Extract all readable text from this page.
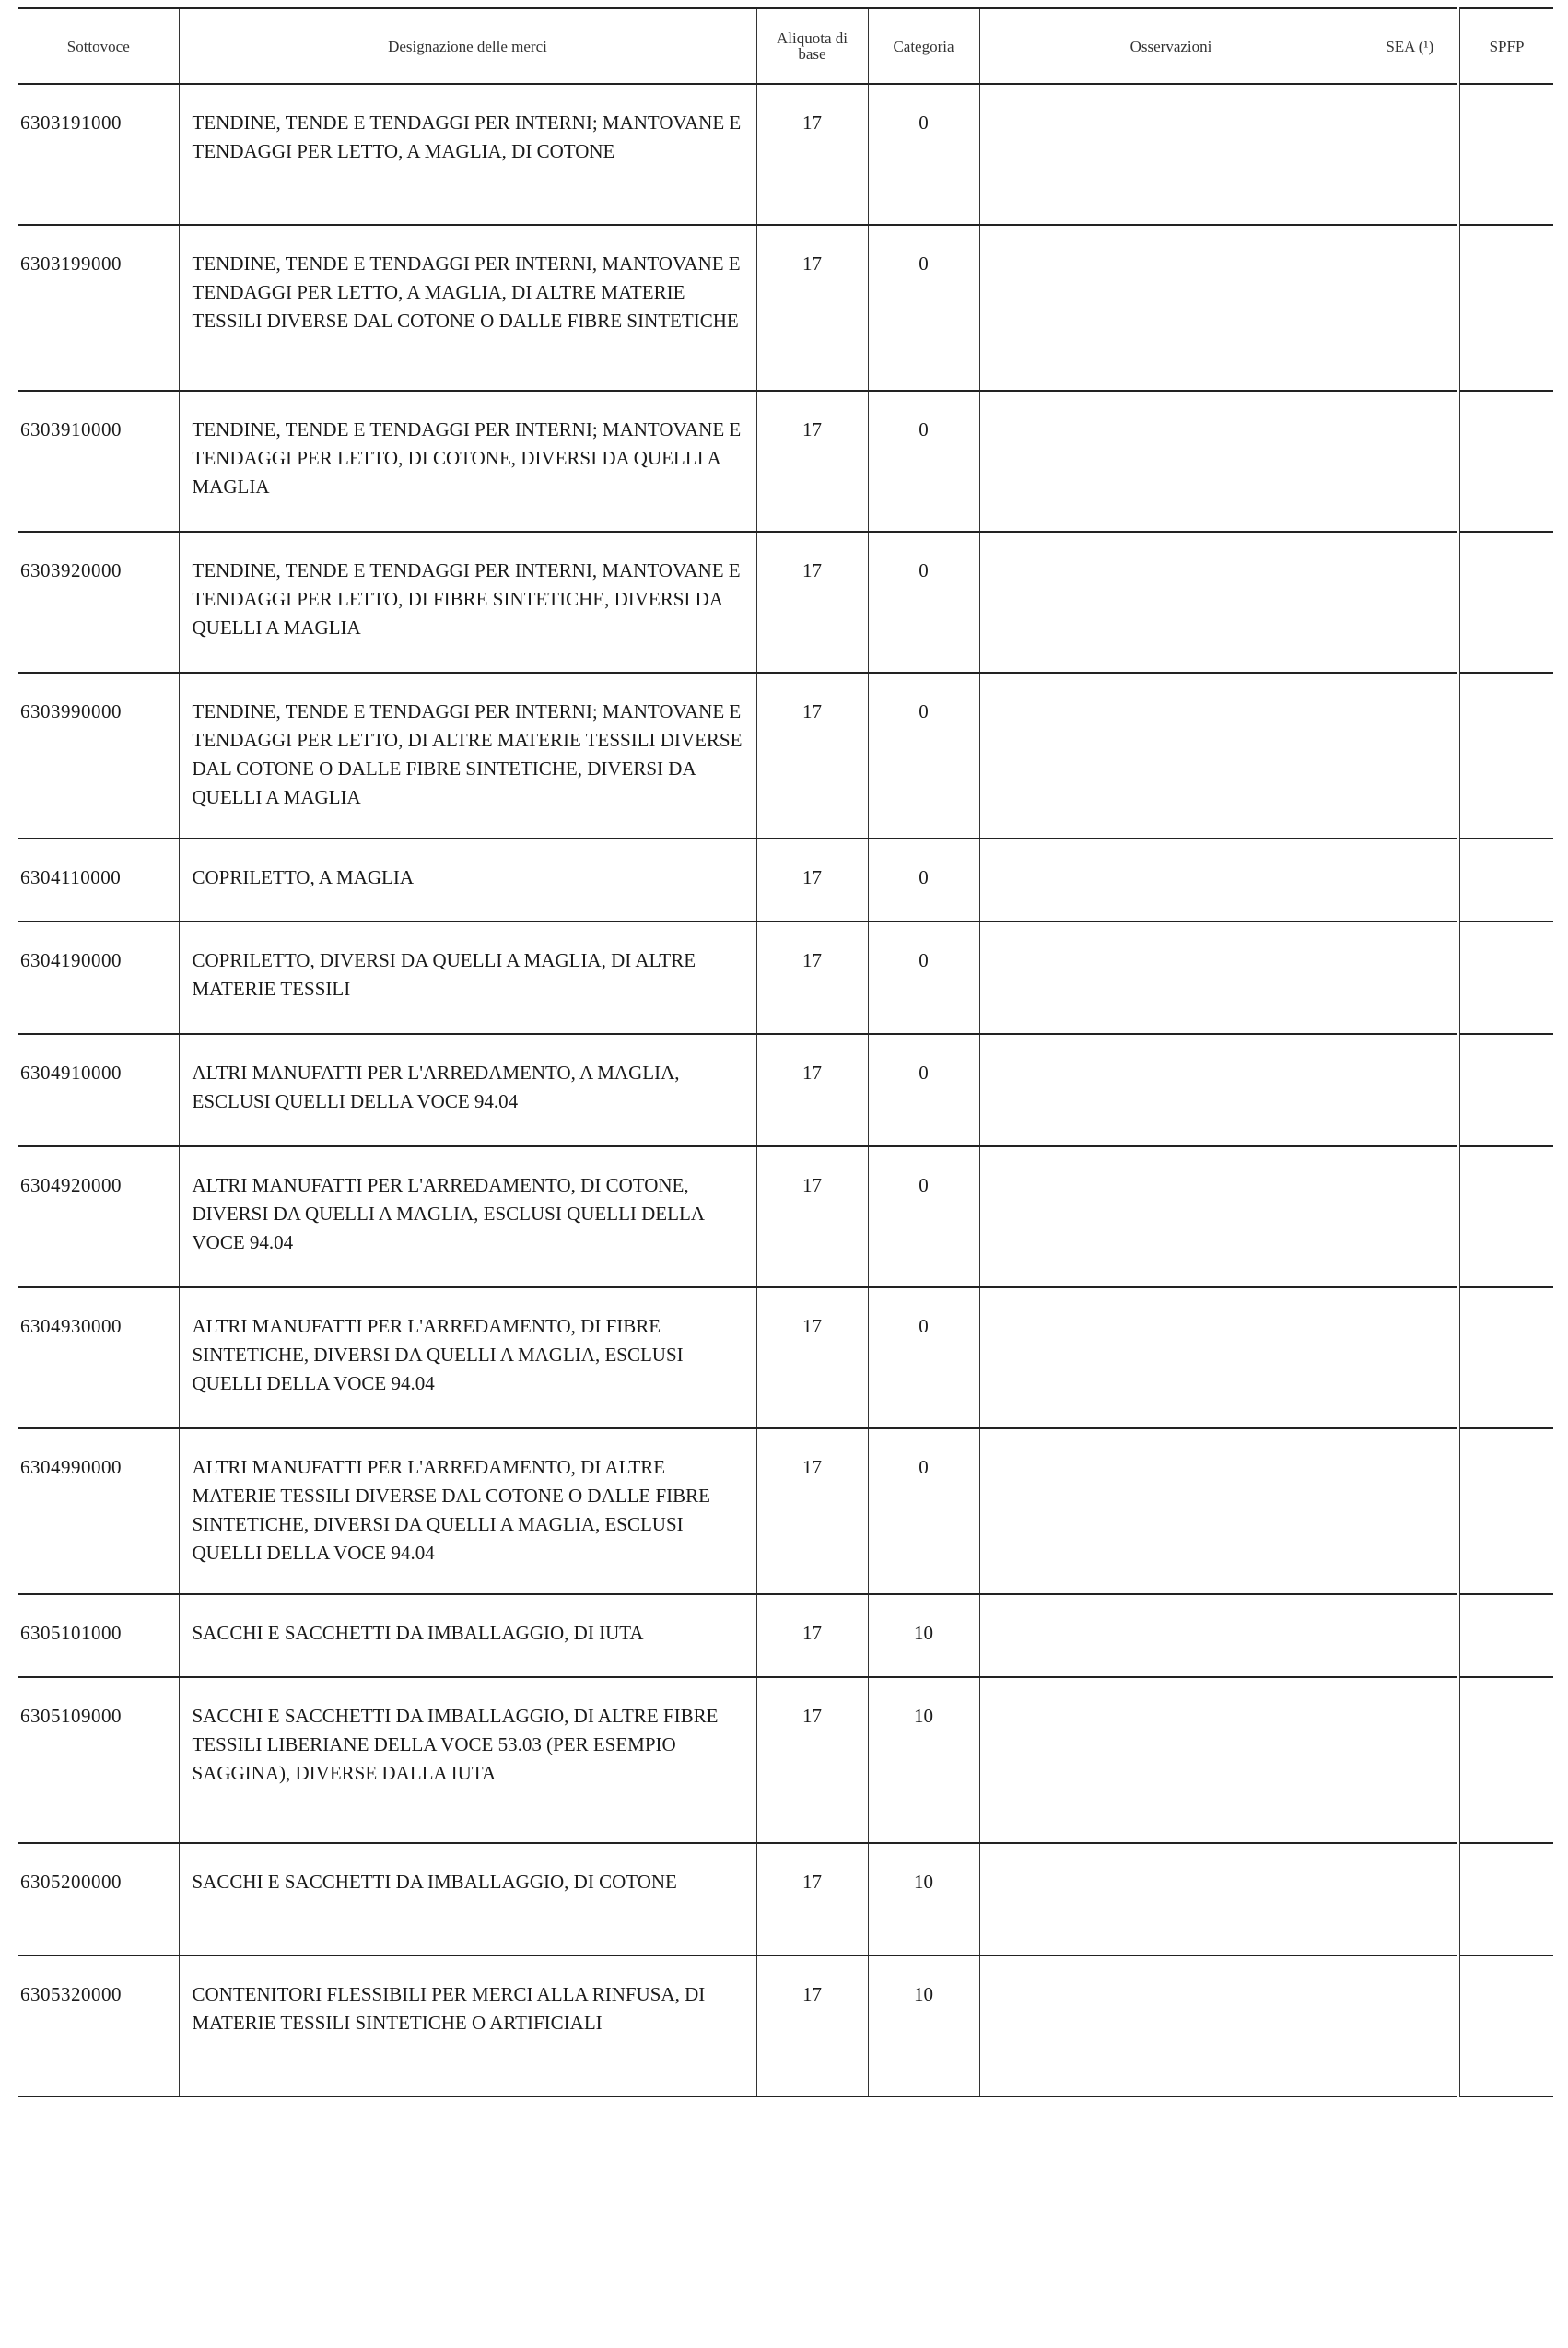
Sottovoce	Designazione delle merci	Aliquota di base	Categoria	Osservazioni	SEA (¹)	SPFP
6303191000	TENDINE, TENDE E TENDAGGI PER INTERNI; MANTOVANE E TENDAGGI PER LETTO, A MAGLIA, DI COTONE	17	0			
6303199000	TENDINE, TENDE E TENDAGGI PER INTERNI, MANTOVANE E TENDAGGI PER LETTO, A MAGLIA, DI ALTRE MATERIE TESSILI DIVERSE DAL COTONE O DALLE FIBRE SINTETICHE	17	0			
6303910000	TENDINE, TENDE E TENDAGGI PER INTERNI; MANTOVANE E TENDAGGI PER LETTO, DI COTONE, DIVERSI DA QUELLI A MAGLIA	17	0			
6303920000	TENDINE, TENDE E TENDAGGI PER INTERNI, MANTOVANE E TENDAGGI PER LETTO, DI FIBRE SINTETICHE, DIVERSI DA QUELLI A MAGLIA	17	0			
6303990000	TENDINE, TENDE E TENDAGGI PER INTERNI; MANTOVANE E TENDAGGI PER LETTO, DI ALTRE MATERIE TESSILI DIVERSE DAL COTONE O DALLE FIBRE SINTETICHE, DIVERSI DA QUELLI A MAGLIA	17	0			
6304110000	COPRILETTO, A MAGLIA	17	0			
6304190000	COPRILETTO, DIVERSI DA QUELLI A MAGLIA, DI ALTRE MATERIE TESSILI	17	0			
6304910000	ALTRI MANUFATTI PER L'ARREDAMENTO, A MAGLIA, ESCLUSI QUELLI DELLA VOCE 94.04	17	0			
6304920000	ALTRI MANUFATTI PER L'ARREDAMENTO, DI COTONE, DIVERSI DA QUELLI A MAGLIA, ESCLUSI QUELLI DELLA VOCE 94.04	17	0			
6304930000	ALTRI MANUFATTI PER L'ARREDAMENTO, DI FIBRE SINTETICHE, DIVERSI DA QUELLI A MAGLIA, ESCLUSI QUELLI DELLA VOCE 94.04	17	0			
6304990000	ALTRI MANUFATTI PER L'ARREDAMENTO, DI ALTRE MATERIE TESSILI DIVERSE DAL COTONE O DALLE FIBRE SINTETICHE, DIVERSI DA QUELLI A MAGLIA, ESCLUSI QUELLI DELLA VOCE 94.04	17	0			
6305101000	SACCHI E SACCHETTI DA IMBALLAGGIO, DI IUTA	17	10			
6305109000	SACCHI E SACCHETTI DA IMBALLAGGIO, DI ALTRE FIBRE TESSILI LIBERIANE DELLA VOCE 53.03 (PER ESEMPIO SAGGINA), DIVERSE DALLA IUTA	17	10			
6305200000	SACCHI E SACCHETTI DA IMBALLAGGIO, DI COTONE	17	10			
6305320000	CONTENITORI FLESSIBILI PER MERCI ALLA RINFUSA, DI MATERIE TESSILI SINTETICHE O ARTIFICIALI	17	10			
